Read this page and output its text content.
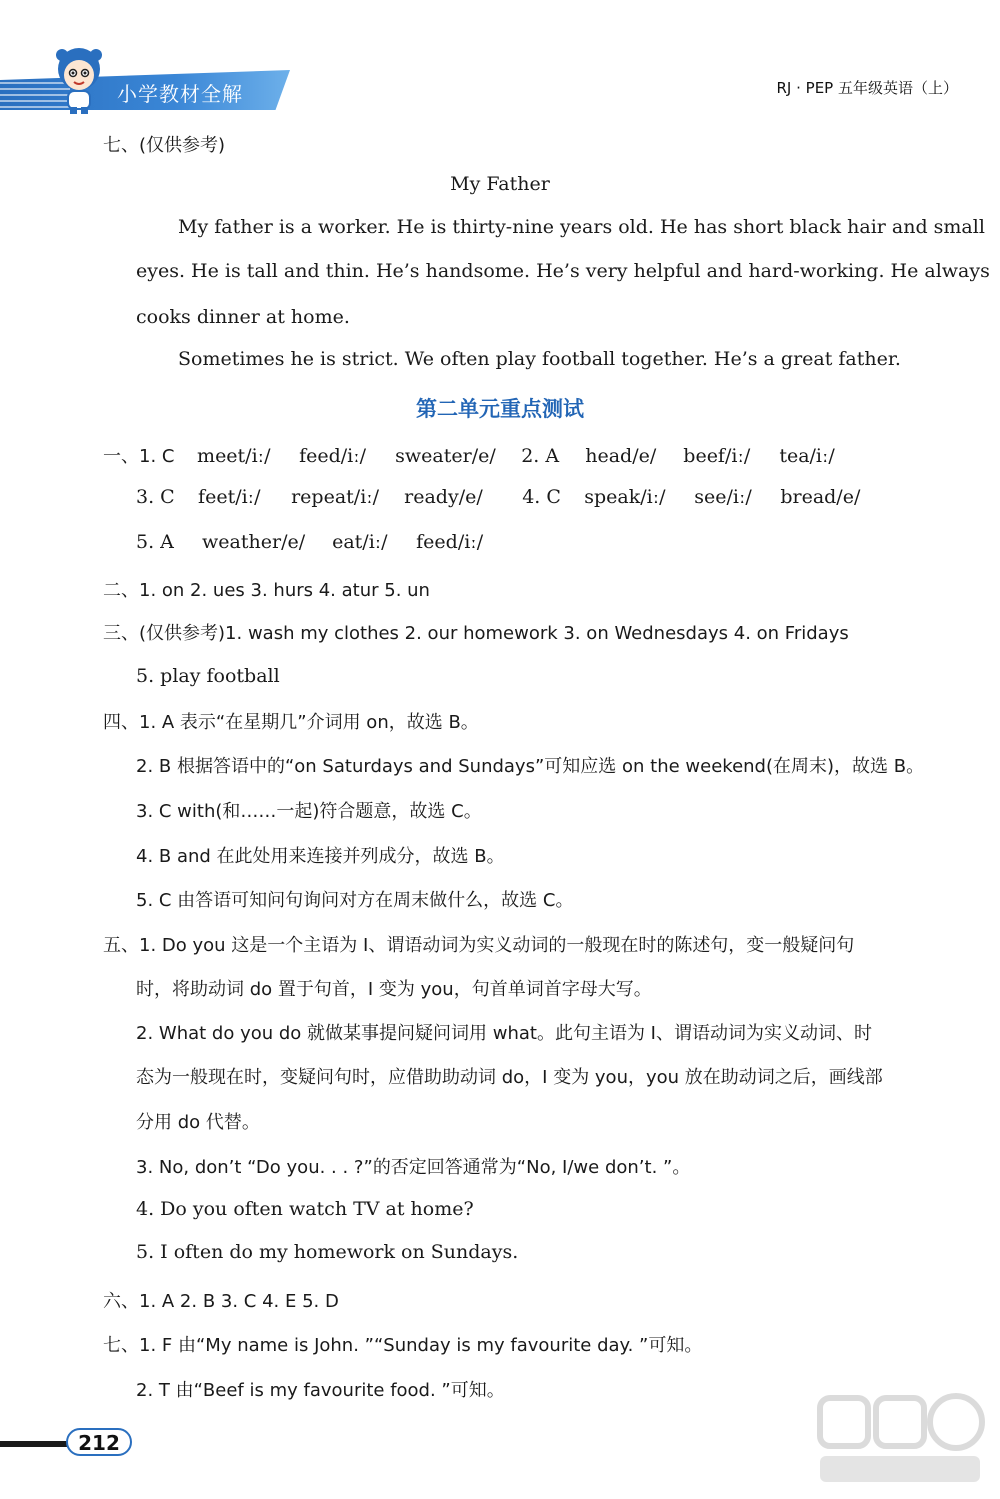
小学教材全解	RJ · PEP 五年级英语（上）
七、(仅供参考)
My Father
My father is a worker. He is thirty-nine years old. He has short black hair and small
eyes. He is tall and thin. He’s handsome. He’s very helpful and hard-working. He always
cooks dinner at home.
Sometimes he is strict. We often play football together. He’s a great father.
第二单元重点测试
一、1. C meet/iː/ feed/iː/ sweater/e/ 2. A head/e/ beef/iː/ tea/iː/
3. C feet/iː/ repeat/iː/ ready/e/ 4. C speak/iː/ see/iː/ bread/e/
5. A weather/e/ eat/iː/ feed/iː/
二、1. on 2. ues 3. hurs 4. atur 5. un
三、(仅供参考)1. wash my clothes 2. our homework 3. on Wednesdays 4. on Fridays
5. play football
四、1. A 表示“在星期几”介词用 on，故选 B。
2. B 根据答语中的“on Saturdays and Sundays”可知应选 on the weekend(在周末)，故选 B。
3. C with(和……一起)符合题意，故选 C。
4. B and 在此处用来连接并列成分，故选 B。
5. C 由答语可知问句询问对方在周末做什么，故选 C。
五、1. Do you 这是一个主语为 I、谓语动词为实义动词的一般现在时的陈述句，变一般疑问句
时，将助动词 do 置于句首，I 变为 you，句首单词首字母大写。
2. What do you do 就做某事提问疑问词用 what。此句主语为 I、谓语动词为实义动词、时
态为一般现在时，变疑问句时，应借助助动词 do，I 变为 you，you 放在助动词之后，画线部
分用 do 代替。
3. No, don’t “Do you. . . ?”的否定回答通常为“No, I/we don’t. ”。
4. Do you often watch TV at home?
5. I often do my homework on Sundays.
六、1. A 2. B 3. C 4. E 5. D
七、1. F 由“My name is John. ”“Sunday is my favourite day. ”可知。
2. T 由“Beef is my favourite food. ”可知。
212
